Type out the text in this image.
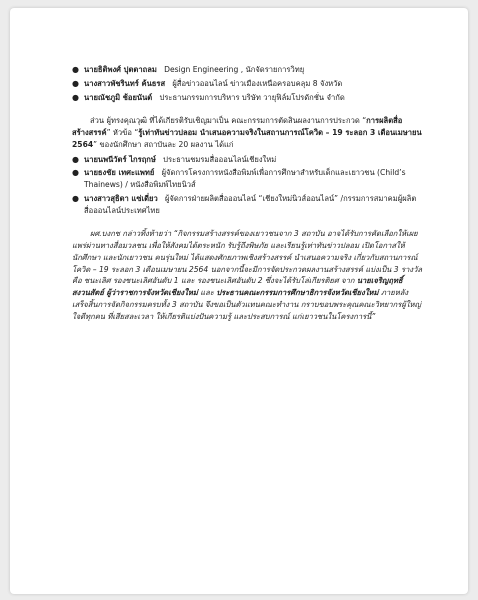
● นายธิติพงศ์ ปุตตาถลม Design Engineering , นักจัดรายการวิทยุ
● นางสาวพัชรินทร์ ค้นธรส ผู้สื่อข่าวออนไลน์ ข่าวเมืองเหนือครอบคลุม 8 จังหวัด
● นายณัชภูมิ ช้อยนันต์ ประธานกรรมการบริหาร บริษัท วายุฟิล์มโปรดักชั่น จำกัด

ส่วน ผู้ทรงคุณวุฒิ ที่ได้เกียรติรับเชิญมาเป็น คณะกรรมการตัดสินผลงานการประกวด “การผลิตสื่อสร้างสรรค์” หัวข้อ “รู้เท่าทันข่าวปลอม นำเสนอความจริงในสถานการณ์โควิด – 19 ระลอก 3 เดือนเมษายน 2564” ของนักศึกษา สถาบันละ 20 ผลงาน ได้แก่

● นายนพนีวัตร์ ไกรฤกษ์ ประธานชมรมสื่อออนไลน์เชียงใหม่
● นายธงชัย เทศะแพทย์ ผู้จัดการโครงการหนังสือพิมพ์เพื่อการศึกษาสำหรับเด็กและเยาวชน (Child’s Thainews) / หนังสือพิมพ์ไทยนิวส์
● นางสาวสุธิดา แซ่เดี่ยว ผู้จัดการฝ่ายผลิตสื่อออนไลน์ “เชียงใหม่นิวส์ออนไลน์” /กรรมการสมาคมผู้ผลิตสื่อออนไลน์ประเทศไทย

ผศ.บงกช กล่าวทิ้งท้ายว่า “กิจกรรมสร้างสรรค์ของเยาวชนจาก 3 สถาบัน อาจได้รับการคัดเลือกให้เผยแพร่ผ่านทางสื่อมวลชน เพื่อให้สังคมได้ตระหนัก รับรู้ถึงพิษภัย และเรียนรู้เท่าทันข่าวปลอม เปิดโอกาสให้นักศึกษา และนักเยาวชน คนรุ่นใหม่ ได้แสดงศักยภาพเชิงสร้างสรรค์ นำเสนอความจริง เกี่ยวกับสถานการณ์โควิด – 19 ระลอก 3 เดือนเมษายน 2564 นอกจากนี้จะมีการจัดประกวดผลงานสร้างสรรค์ แบ่งเป็น 3 รางวัล คือ ชนะเลิศ รองชนะเลิศอันดับ 1 และ รองชนะเลิศอันดับ 2 ซึ่งจะได้รับโล่เกียรติยศ จาก นายเจริญฤทธิ์ สงวนสัตย์ ผู้ว่าราชการจังหวัดเชียงใหม่ และ ประธานคณะกรรมการศึกษาธิการจังหวัดเชียงใหม่ ภายหลังเสร็จสิ้นการจัดกิจกรรมครบทั้ง 3 สถาบัน จึงขอเป็นตัวแทนคณะทำงาน กราบขอบพระคุณคณะวิทยากรผู้ใหญ่ใจดีทุกคน ที่เสียสละเวลา ให้เกียรติแบ่งปันความรู้ และประสบการณ์ แก่เยาวชนในโครงการนี้”
